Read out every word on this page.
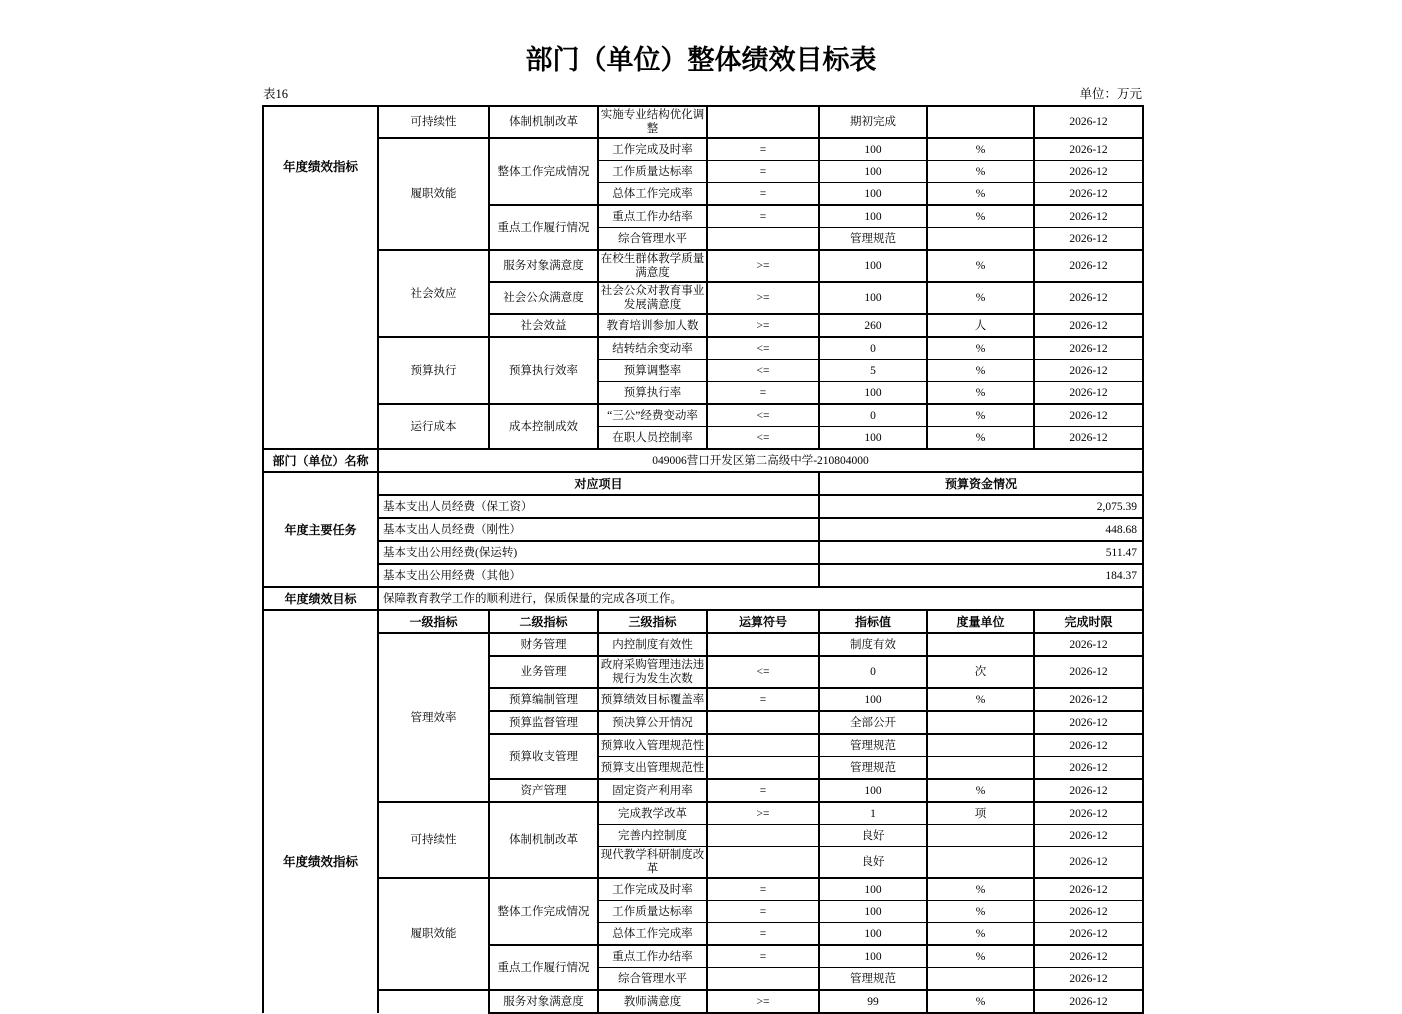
部门（单位）整体绩效目标表
表16	单位：万元
年度绩效指标	可持续性	体制机制改革	实施专业结构优化调整		期初完成		2026-12
	履职效能	整体工作完成情况	工作完成及时率	=	100	%	2026-12
			工作质量达标率	=	100	%	2026-12
			总体工作完成率	=	100	%	2026-12
		重点工作履行情况	重点工作办结率	=	100	%	2026-12
			综合管理水平		管理规范		2026-12
	社会效应	服务对象满意度	在校生群体教学质量满意度	>=	100	%	2026-12
		社会公众满意度	社会公众对教育事业发展满意度	>=	100	%	2026-12
		社会效益	教育培训参加人数	>=	260	人	2026-12
	预算执行	预算执行效率	结转结余变动率	<=	0	%	2026-12
			预算调整率	<=	5	%	2026-12
			预算执行率	=	100	%	2026-12
	运行成本	成本控制成效	“三公”经费变动率	<=	0	%	2026-12
			在职人员控制率	<=	100	%	2026-12
部门（单位）名称	049006营口开发区第二高级中学-210804000						
年度主要任务	对应项目				预算资金情况		
	基本支出人员经费（保工资）				2,075.39		
	基本支出人员经费（刚性）				448.68		
	基本支出公用经费(保运转)				511.47		
	基本支出公用经费（其他）				184.37		
年度绩效目标	保障教育教学工作的顺利进行，保质保量的完成各项工作。						

年度绩效指标	一级指标	二级指标	三级指标	运算符号	指标值	度量单位	完成时限
	管理效率	财务管理	内控制度有效性		制度有效		2026-12
		业务管理	政府采购管理违法违规行为发生次数	<=	0	次	2026-12
		预算编制管理	预算绩效目标覆盖率	=	100	%	2026-12
		预算监督管理	预决算公开情况		全部公开		2026-12
		预算收支管理	预算收入管理规范性		管理规范		2026-12
			预算支出管理规范性		管理规范		2026-12
		资产管理	固定资产利用率	=	100	%	2026-12
	可持续性	体制机制改革	完成教学改革	>=	1	项	2026-12
			完善内控制度		良好		2026-12
			现代教学科研制度改革		良好		2026-12
	履职效能	整体工作完成情况	工作完成及时率	=	100	%	2026-12
			工作质量达标率	=	100	%	2026-12
			总体工作完成率	=	100	%	2026-12
		重点工作履行情况	重点工作办结率	=	100	%	2026-12
			综合管理水平		管理规范		2026-12
		服务对象满意度	教师满意度	>=	99	%	2026-12
